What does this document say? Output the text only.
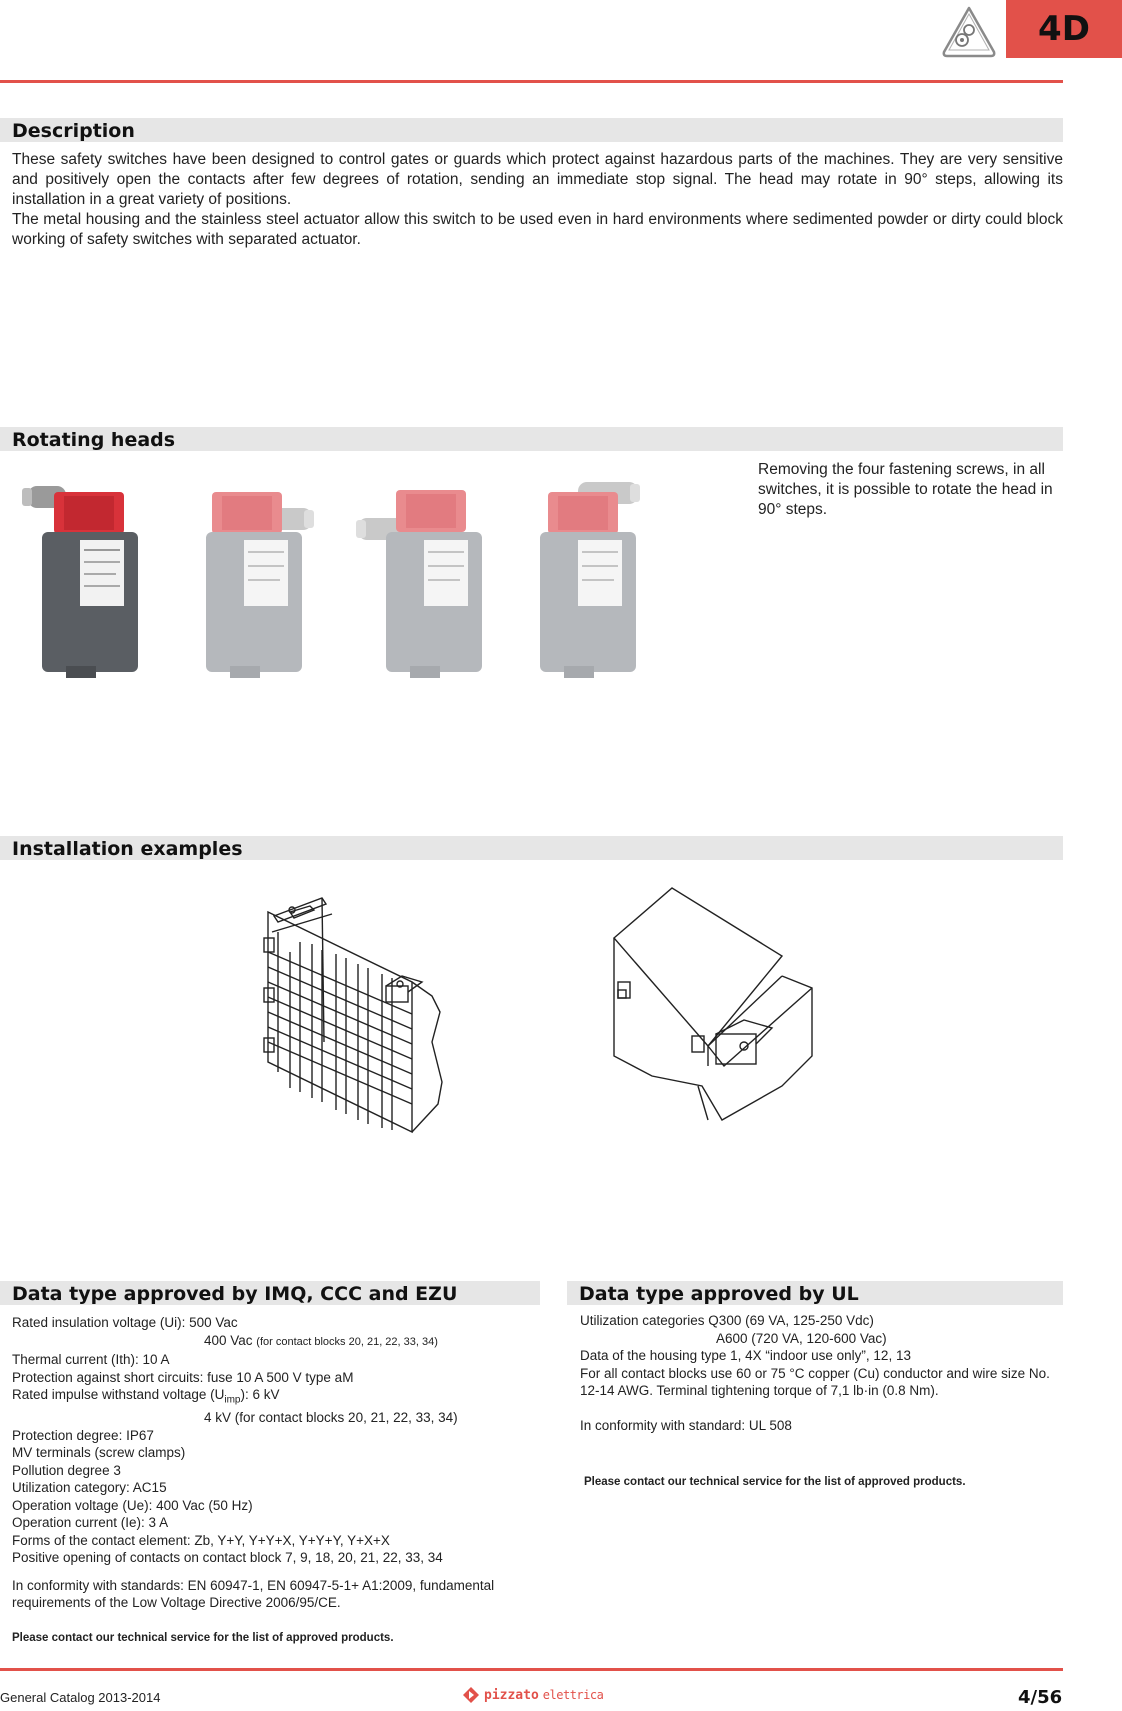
4D
Description
These safety switches have been designed to control gates or guards which protect against hazardous parts of the machines. They are very sensitive and positively open the contacts after few degrees of rotation, sending an immediate stop signal. The head may rotate in 90° steps, allowing its installation in a great variety of positions.
The metal housing and the stainless steel actuator allow this switch to be used even in hard environments where sedimented powder or dirty could block working of safety switches with separated actuator.
Rotating heads
Removing the four fastening screws, in all switches, it is possible to rotate the head in 90° steps.
Installation examples
Data type approved by IMQ, CCC and EZU
Rated insulation voltage (Ui): 500 Vac
400 Vac (for contact blocks 20, 21, 22, 33, 34)
Thermal current (Ith): 10 A
Protection against short circuits: fuse 10 A 500 V type aM
Rated impulse withstand voltage $(U_{imp})$: 6 kV
4 kV (for contact blocks 20, 21, 22, 33, 34)
Protection degree: IP67
MV terminals (screw clamps)
Pollution degree 3
Utilization category: AC15
Operation voltage (Ue): 400 Vac (50 Hz)
Operation current (Ie): 3 A
Forms of the contact element: Zb, Y+Y, Y+Y+X, Y+Y+Y, Y+X+X
Positive opening of contacts on contact block 7, 9, 18, 20, 21, 22, 33, 34
In conformity with standards: EN 60947-1, EN 60947-5-1+ A1:2009, fundamental requirements of the Low Voltage Directive 2006/95/CE.
Please contact our technical service for the list of approved products.
Data type approved by UL
Utilization categories Q300 (69 VA, 125-250 Vdc)
A600 (720 VA, 120-600 Vac)
Data of the housing type 1, 4X “indoor use only”, 12, 13
For all contact blocks use 60 or 75 °C copper (Cu) conductor and wire size No. 12-14 AWG. Terminal tightening torque of 7,1 lb·in (0.8 Nm).
In conformity with standard: UL 508
Please contact our technical service for the list of approved products.
General Catalog 2013-2014	pizzato elettrica	4/56
